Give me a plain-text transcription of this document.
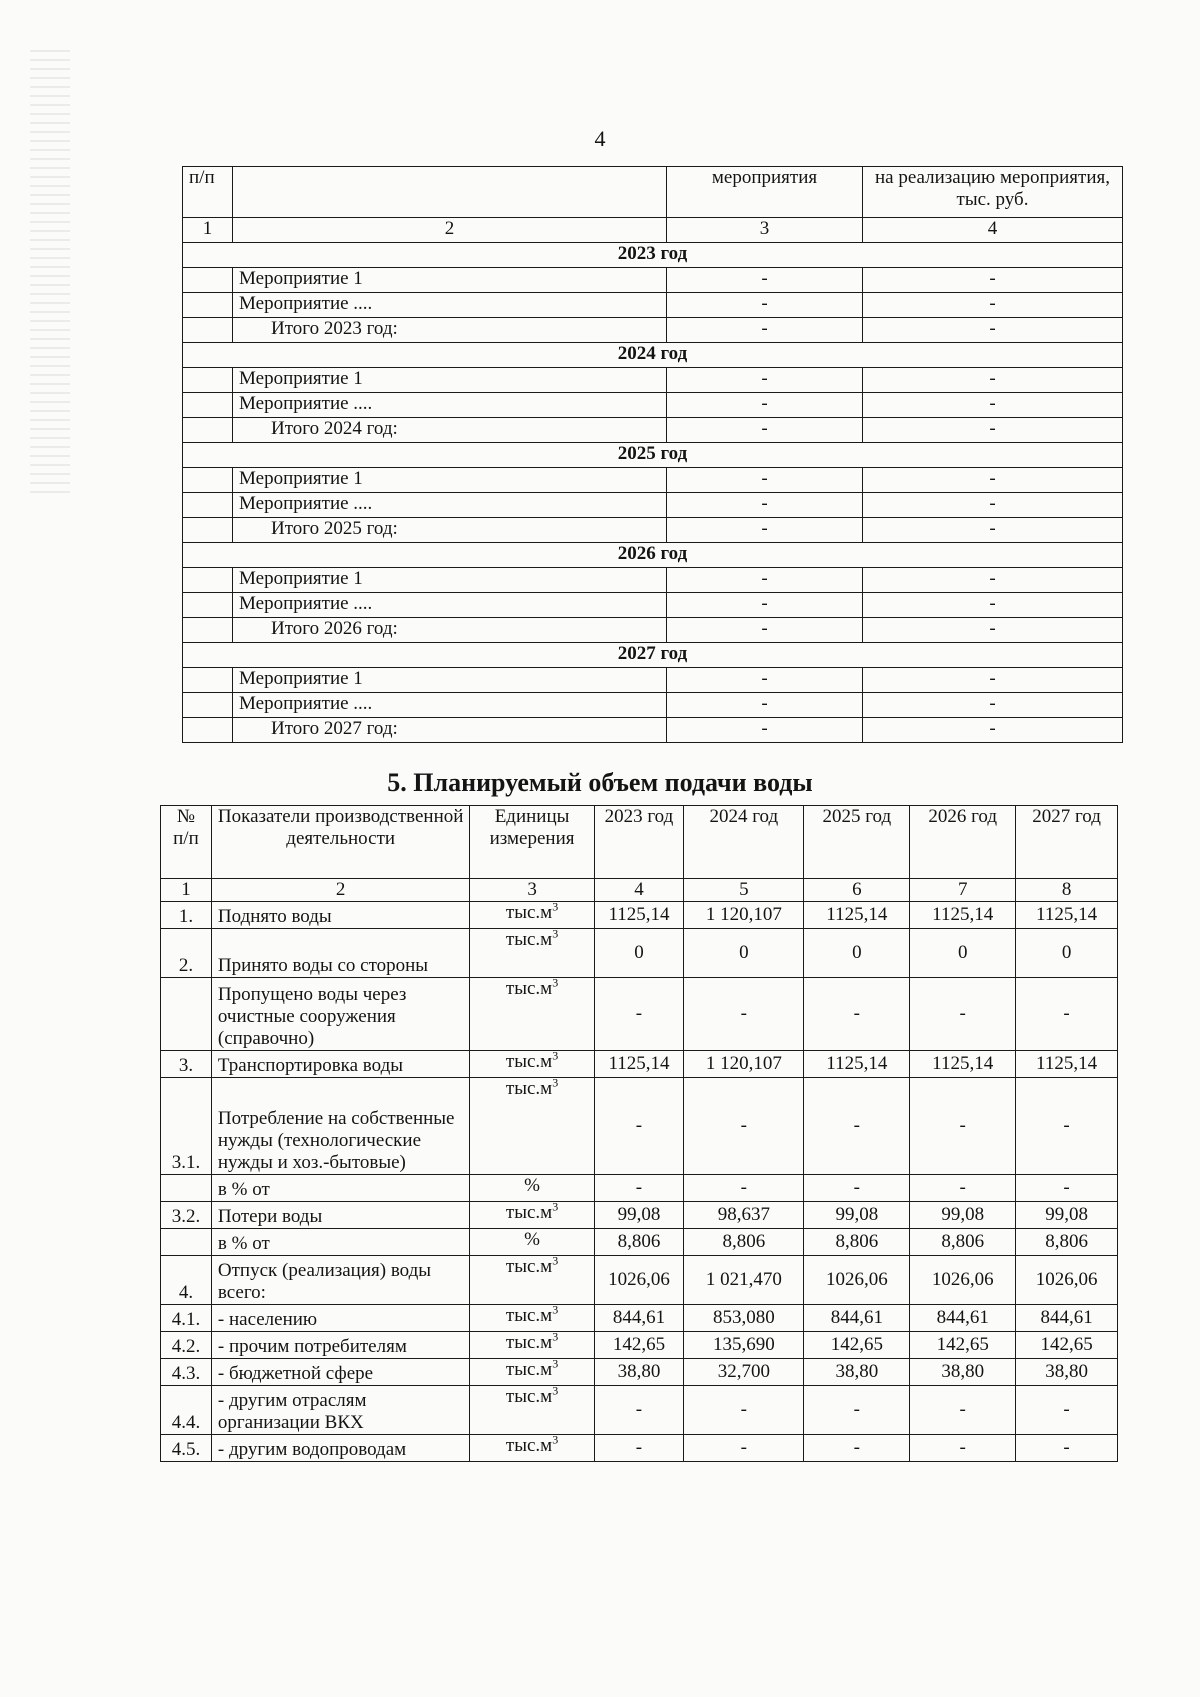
4
п/п		мероприятия	на реализацию мероприятия, тыс. руб.
1	2	3	4
2023 год			
	Мероприятие 1	-	-
	Мероприятие ....	-	-
	Итого 2023 год:	-	-
2024 год			
	Мероприятие 1	-	-
	Мероприятие ....	-	-
	Итого 2024 год:	-	-
2025 год			
	Мероприятие 1	-	-
	Мероприятие ....	-	-
	Итого 2025 год:	-	-
2026 год			
	Мероприятие 1	-	-
	Мероприятие ....	-	-
	Итого 2026 год:	-	-
2027 год			
	Мероприятие 1	-	-
	Мероприятие ....	-	-
	Итого 2027 год:	-	-
5. Планируемый объем подачи воды
№ п/п	Показатели производственной деятельности	Единицы измерения	2023 год	2024 год	2025 год	2026 год	2027 год
1	2	3	4	5	6	7	8
1.	Поднято воды	$тыс.м^3$	1125,14	1 120,107	1125,14	1125,14	1125,14
2.	Принято воды со стороны	$тыс.м^3$	0	0	0	0	0
	Пропущено воды через очистные сооружения (справочно)	$тыс.м^3$	-	-	-	-	-
3.	Транспортировка воды	$тыс.м^3$	1125,14	1 120,107	1125,14	1125,14	1125,14
3.1.	Потребление на собственные нужды (технологические нужды и хоз.-бытовые)	$тыс.м^3$	-	-	-	-	-
	в % от	%	-	-	-	-	-
3.2.	Потери воды	$тыс.м^3$	99,08	98,637	99,08	99,08	99,08
	в % от	%	8,806	8,806	8,806	8,806	8,806
4.	Отпуск (реализация) воды всего:	$тыс.м^3$	1026,06	1 021,470	1026,06	1026,06	1026,06
4.1.	- населению	$тыс.м^3$	844,61	853,080	844,61	844,61	844,61
4.2.	- прочим потребителям	$тыс.м^3$	142,65	135,690	142,65	142,65	142,65
4.3.	- бюджетной сфере	$тыс.м^3$	38,80	32,700	38,80	38,80	38,80
4.4.	- другим отраслям организации ВКХ	$тыс.м^3$	-	-	-	-	-
4.5.	- другим водопроводам	$тыс.м^3$	-	-	-	-	-
